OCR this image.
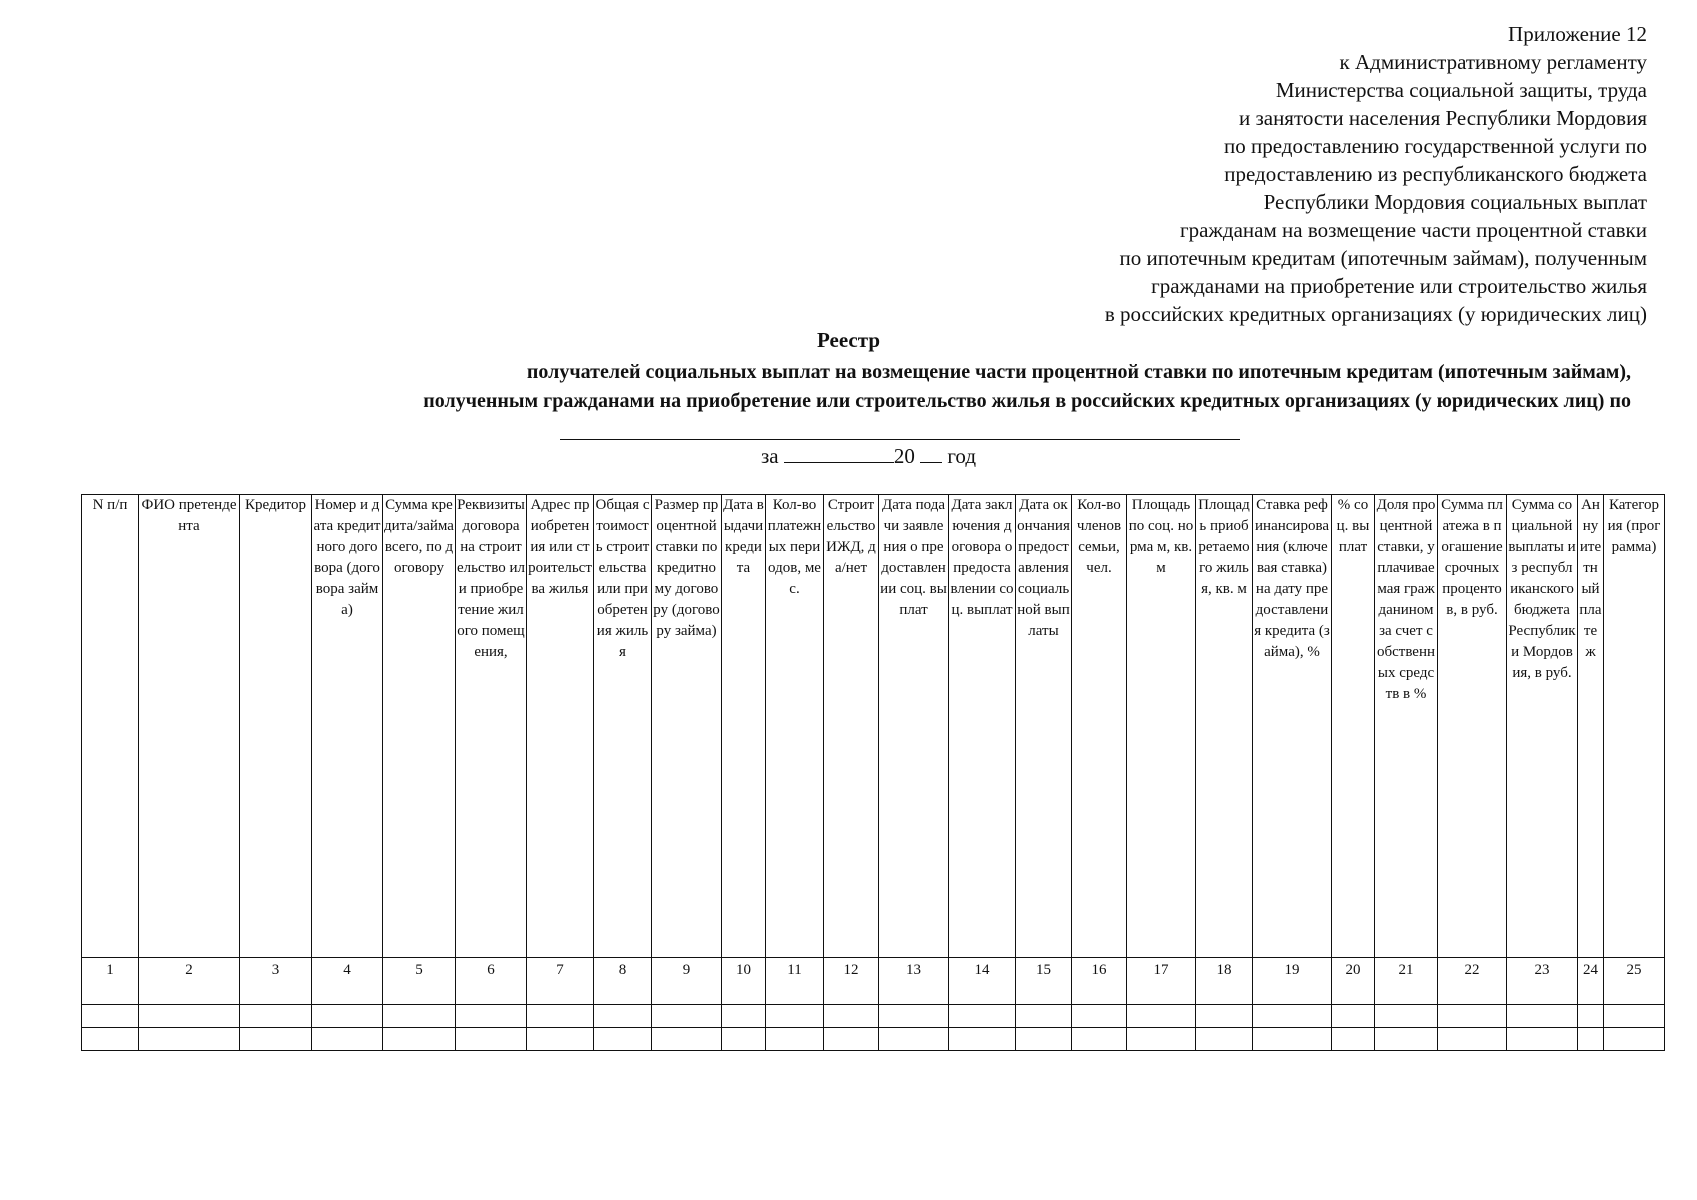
Приложение 12
к Административному регламенту
Министерства социальной защиты, труда
и занятости населения Республики Мордовия
по предоставлению государственной услуги по
предоставлению из республиканского бюджета
Республики Мордовия социальных выплат
гражданам на возмещение части процентной ставки
по ипотечным кредитам (ипотечным займам), полученным
гражданами на приобретение или строительство жилья
в российских кредитных организациях (у юридических лиц)
Реестр
получателей социальных выплат на возмещение части процентной ставки по ипотечным кредитам (ипотечным займам),
полученным гражданами на приобретение или строительство жилья в российских кредитных организациях (у юридических лиц) по
за	20 год
N п/п	ФИО претендента	Кредитор	Номер и дата кредитного договора (договора займа)	Сумма кредита/займа всего, по договору	Реквизиты договора на строительство или приобретение жилого помещения,	Адрес приобретения или строительства жилья	Общая стоимость строительства или приобретения жилья	Размер процентной ставки по кредитному договору (договору займа)	Дата выдачи кредита	Кол-во платежных периодов, мес.	Строительство ИЖД, да/нет	Дата подачи заявления о предоставлении соц. выплат	Дата заключения договора о предоставлении соц. выплат	Дата окончания предоставления социальной выплаты	Кол-во членов семьи, чел.	Площадь по соц. норма м, кв. м	Площадь приобретаемого жилья, кв. м	Ставка рефинансирования (ключевая ставка) на дату предоставления кредита (займа), %	% соц. выплат	Доля процентной ставки, уплачиваемая гражданином за счет собственных средств в %	Сумма платежа в погашение срочных процентов, в руб.	Сумма социальной выплаты из республиканского бюджета Республики Мордовия, в руб.	Аннуитетный платеж	Категория (программа)

1	2	3	4	5	6	7	8	9	10	11	12	13	14	15	16	17	18	19	20	21	22	23	24	25
